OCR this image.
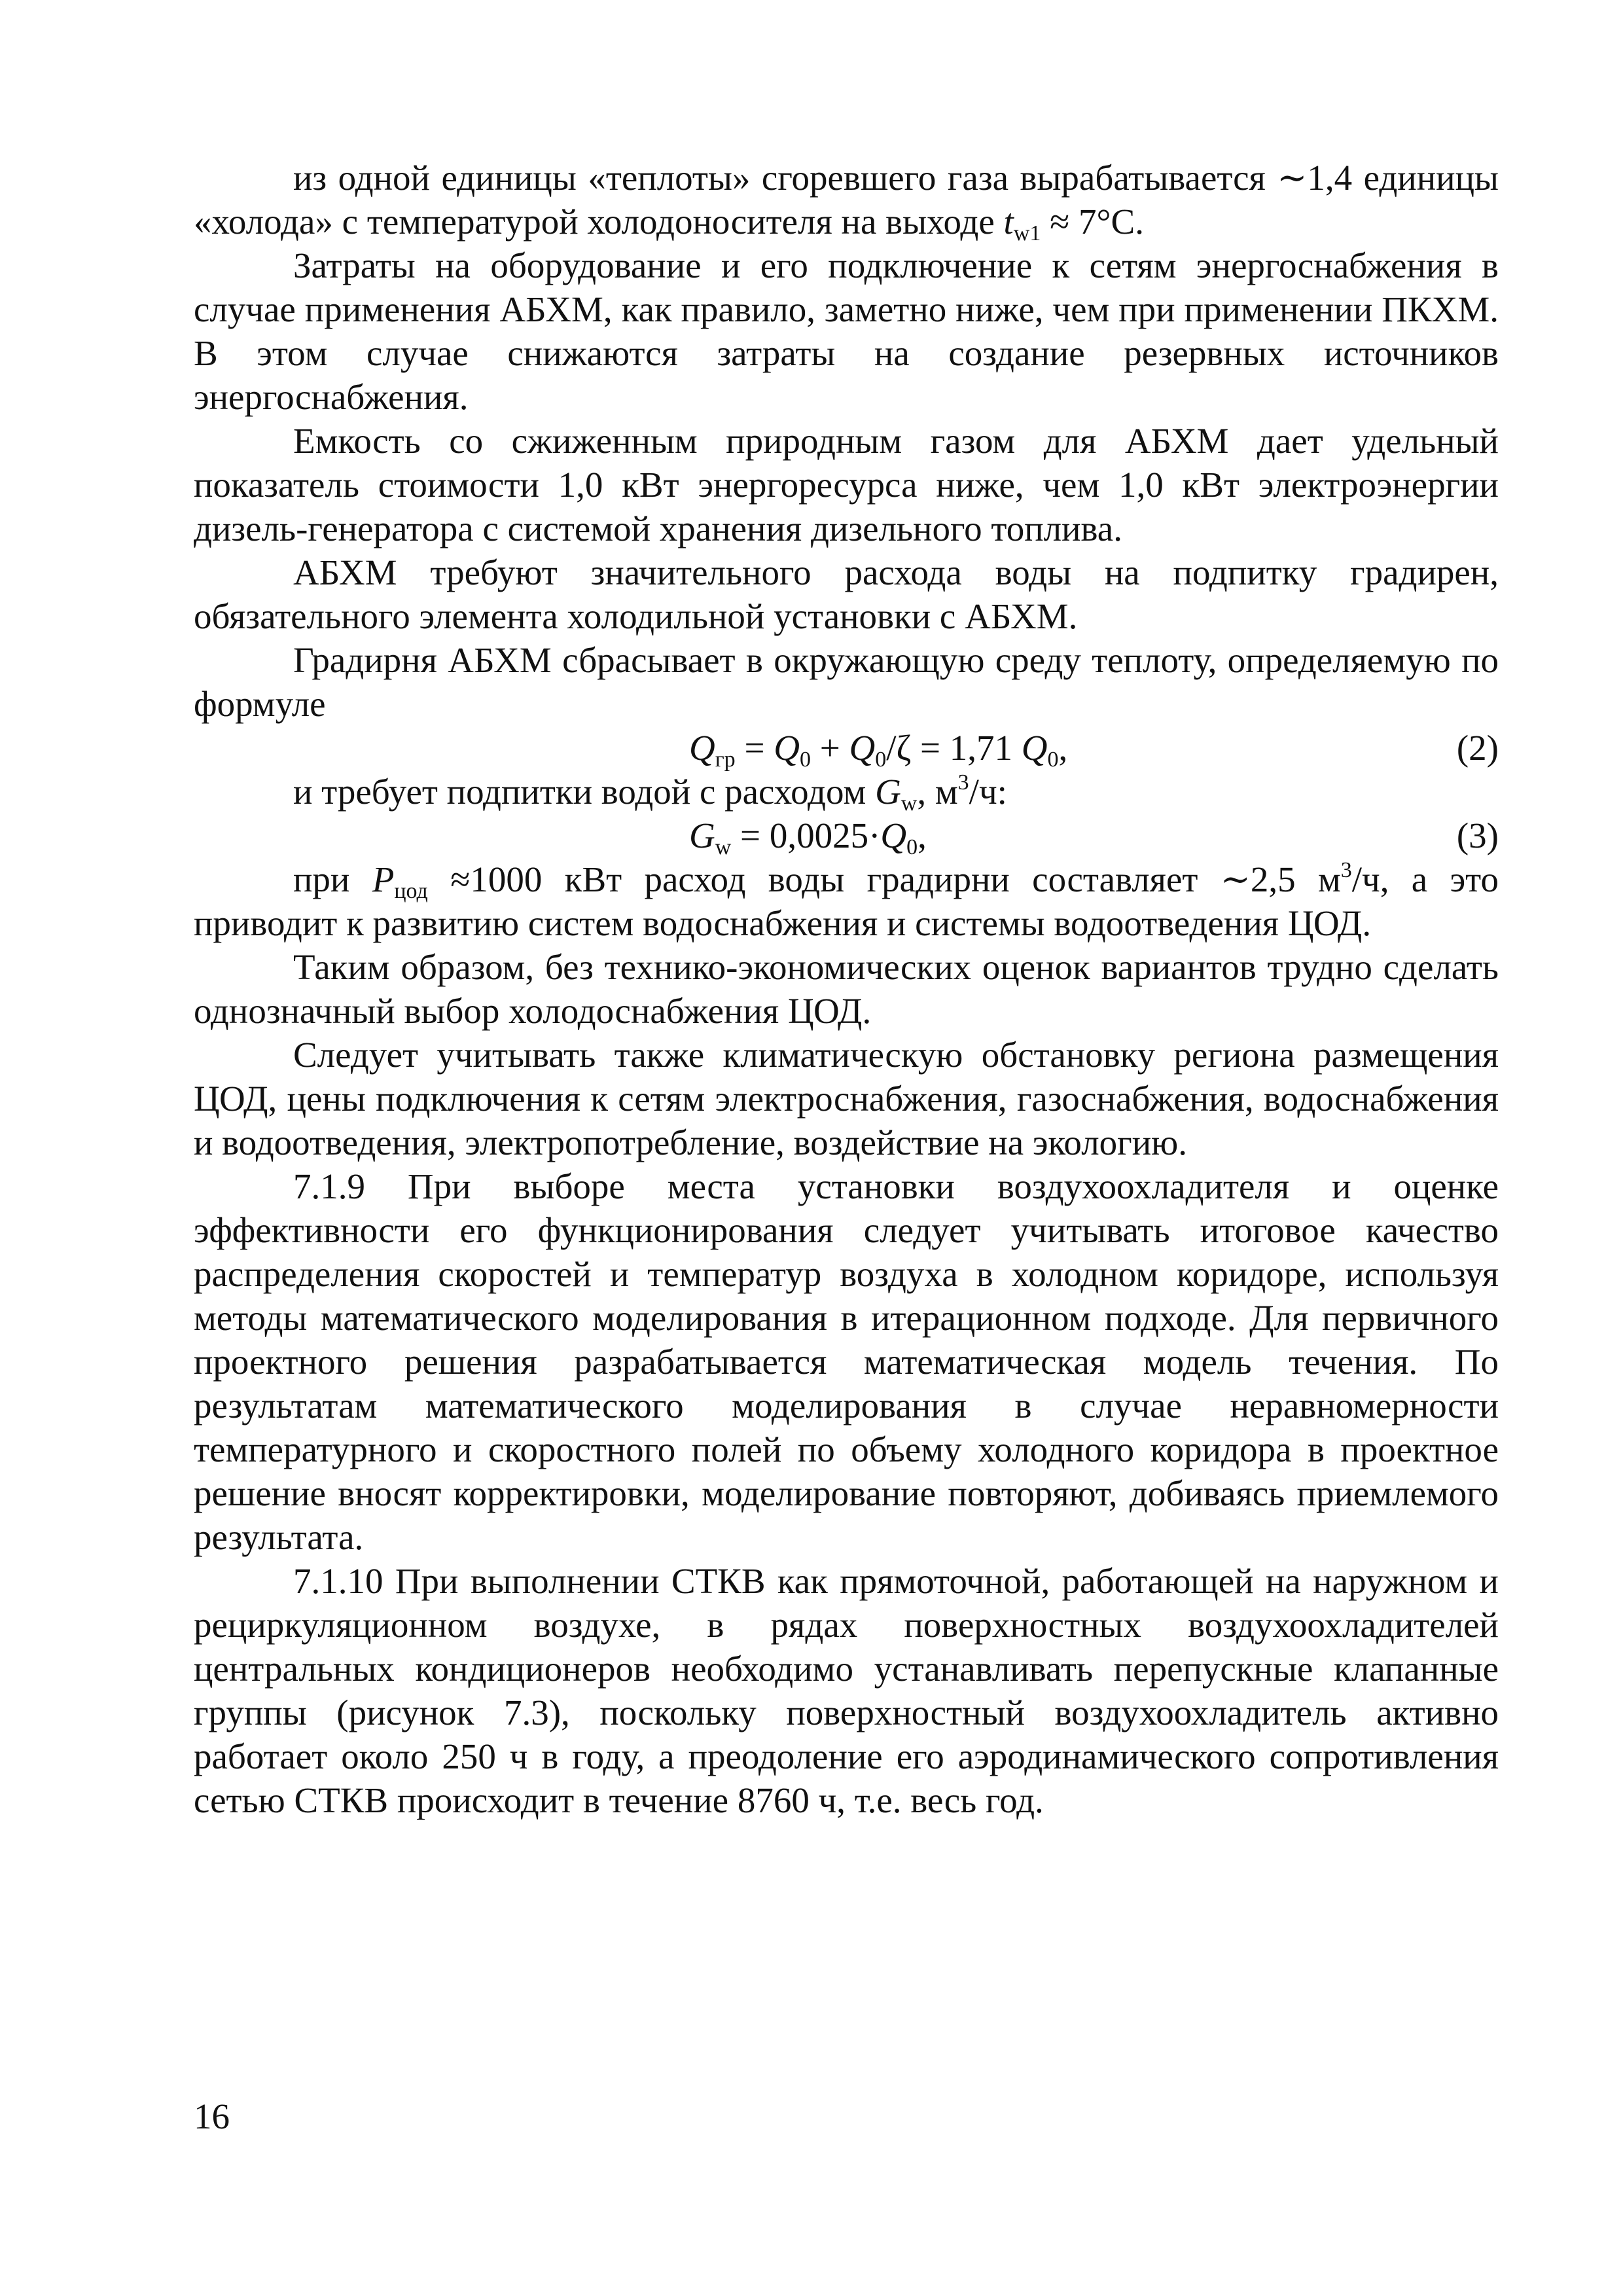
из одной единицы «теплоты» сгоревшего газа вырабатывается ∼1,4 единицы «холода» с температурой холодоносителя на выходе $t_{w1} \approx 7^\circ С$.

Затраты на оборудование и его подключение к сетям энергоснабжения в случае применения АБХМ, как правило, заметно ниже, чем при применении ПКХМ. В этом случае снижаются затраты на создание резервных источников энергоснабжения.

Емкость со сжиженным природным газом для АБХМ дает удельный показатель стоимости 1,0 кВт энергоресурса ниже, чем 1,0 кВт электроэнергии дизель-генератора с системой хранения дизельного топлива.

АБХМ требуют значительного расхода воды на подпитку градирен, обязательного элемента холодильной установки с АБХМ.

Градирня АБХМ сбрасывает в окружающую среду теплоту, определяемую по формуле

$Q_{гр} = Q_0 + Q_0/\zeta = 1,71$ $Q_0$,	(2)

и требует подпитки водой с расходом $G_w$, $м^3/ч$:

$G_w = 0,0025\cdot Q_0$,	(3)

при $P_{цод} \approx 1000$ кВт расход воды градирни составляет ∼2,5 $м^3/ч$, а это приводит к развитию систем водоснабжения и системы водоотведения ЦОД.

Таким образом, без технико-экономических оценок вариантов трудно сделать однозначный выбор холодоснабжения ЦОД.

Следует учитывать также климатическую обстановку региона размещения ЦОД, цены подключения к сетям электроснабжения, газоснабжения, водоснабжения и водоотведения, электропотребление, воздействие на экологию.

7.1.9 При выборе места установки воздухоохладителя и оценке эффективности его функционирования следует учитывать итоговое качество распределения скоростей и температур воздуха в холодном коридоре, используя методы математического моделирования в итерационном подходе. Для первичного проектного решения разрабатывается математическая модель течения. По результатам математического моделирования в случае неравномерности температурного и скоростного полей по объему холодного коридора в проектное решение вносят корректировки, моделирование повторяют, добиваясь приемлемого результата.

7.1.10 При выполнении СТКВ как прямоточной, работающей на наружном и рециркуляционном воздухе, в рядах поверхностных воздухоохладителей центральных кондиционеров необходимо устанавливать перепускные клапанные группы (рисунок 7.3), поскольку поверхностный воздухоохладитель активно работает около 250 ч в году, а преодоление его аэродинамического сопротивления сетью СТКВ происходит в течение 8760 ч, т.е. весь год.

16
